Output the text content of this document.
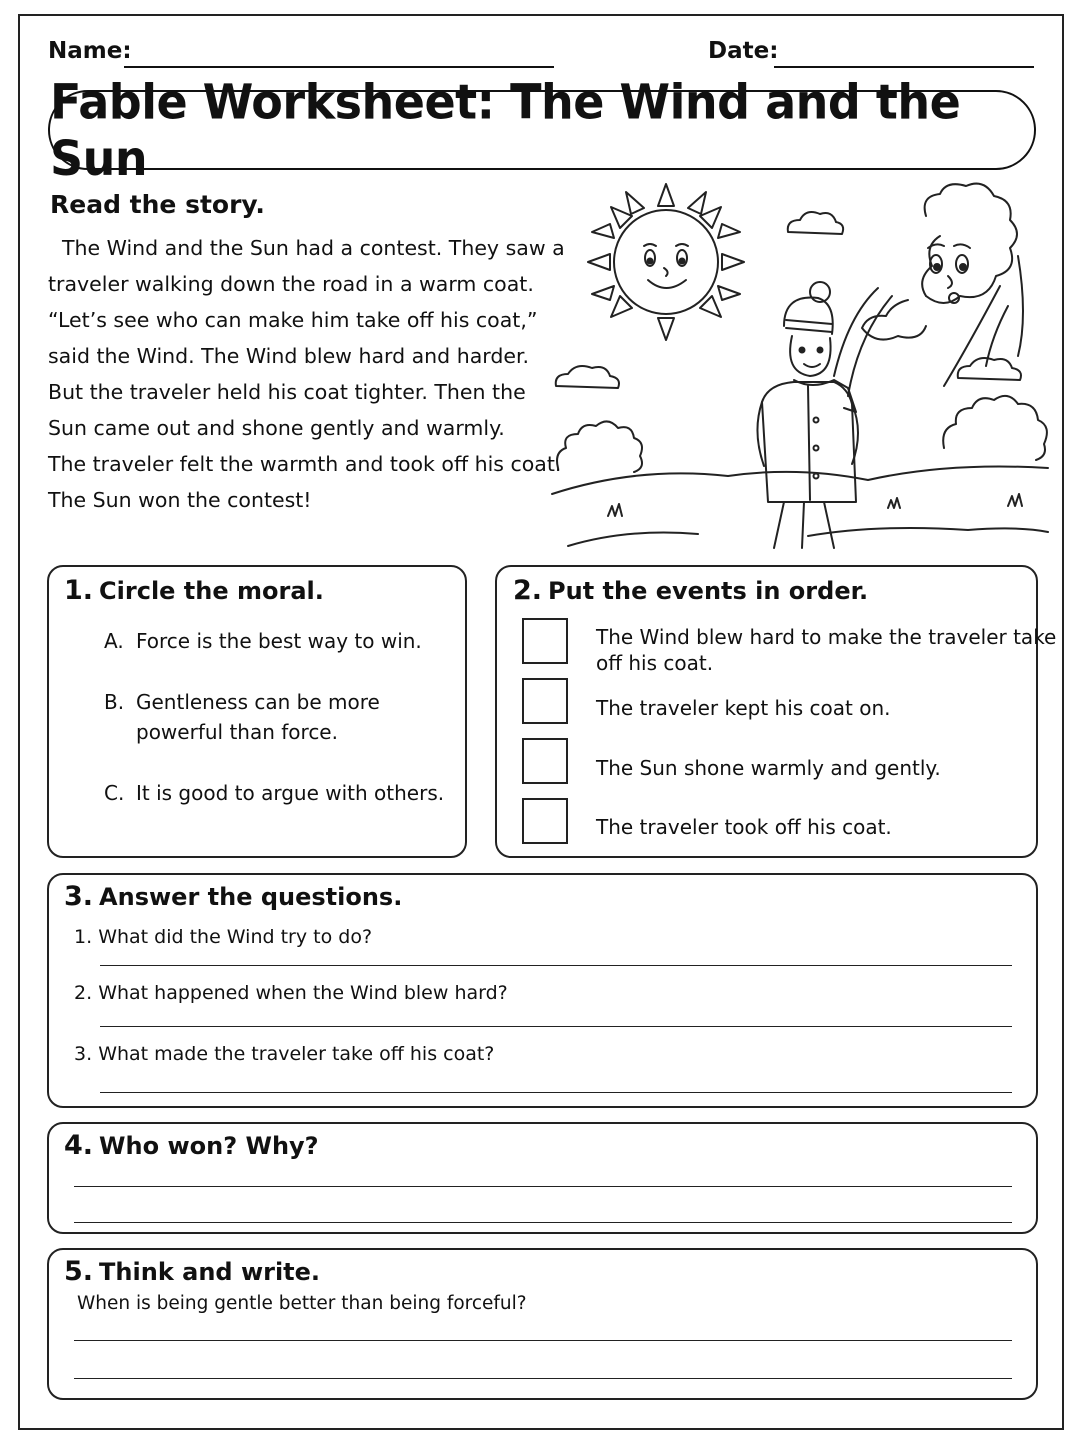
Name:	Date:
Fable Worksheet: The Wind and the Sun
Read the story.
The Wind and the Sun had a contest. They saw a
traveler walking down the road in a warm coat.
“Let’s see who can make him take off his coat,”
said the Wind. The Wind blew hard and harder.
But the traveler held his coat tighter. Then the
Sun came out and shone gently and warmly.
The traveler felt the warmth and took off his coat.
The Sun won the contest!
1. Circle the moral.
A. Force is the best way to win.
B. Gentleness can be more
powerful than force.
C. It is good to argue with others.
2. Put the events in order.
The Wind blew hard to make the traveler take
off his coat.
The traveler kept his coat on.
The Sun shone warmly and gently.
The traveler took off his coat.
3. Answer the questions.
1. What did the Wind try to do?
2. What happened when the Wind blew hard?
3. What made the traveler take off his coat?
4. Who won? Why?
5. Think and write.
When is being gentle better than being forceful?
